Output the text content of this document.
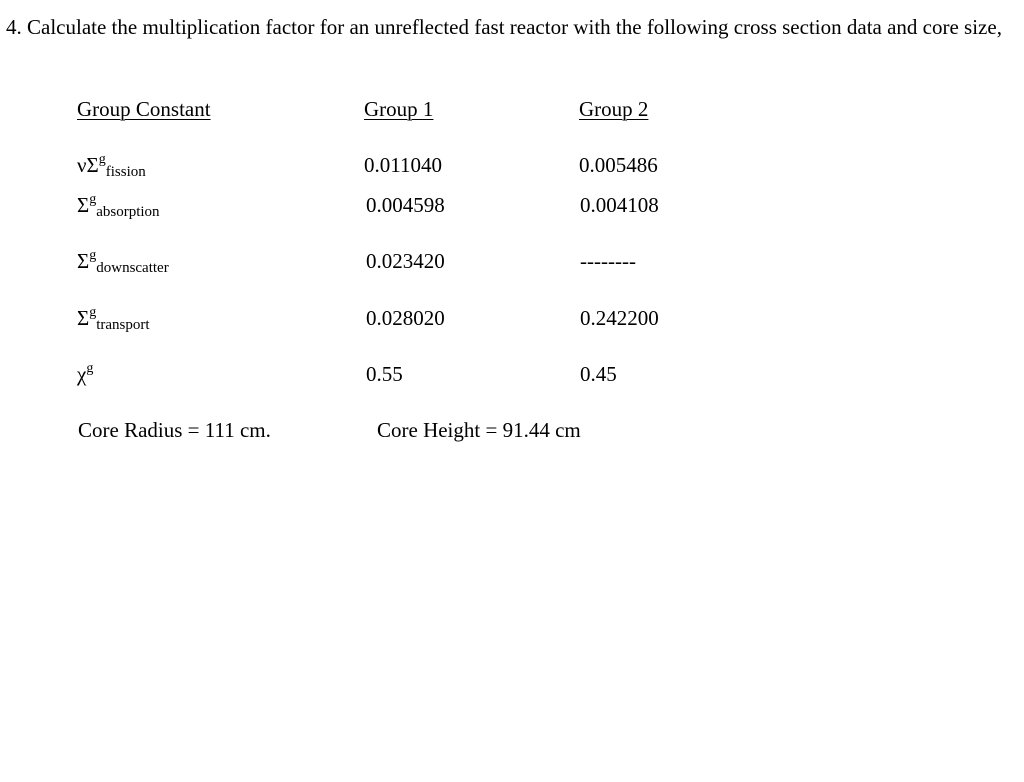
4. Calculate the multiplication factor for an unreflected fast reactor with the following cross section data and core size,

Group Constant	Group 1	Group 2
$\nu\Sigma^g_{fission}$	0.011040	0.005486
$\Sigma^g_{absorption}$	0.004598	0.004108
$\Sigma^g_{downscatter}$	0.023420	--------
$\Sigma^g_{transport}$	0.028020	0.242200
$\chi^g$	0.55	0.45
Core Radius = 111 cm.	Core Height = 91.44 cm
